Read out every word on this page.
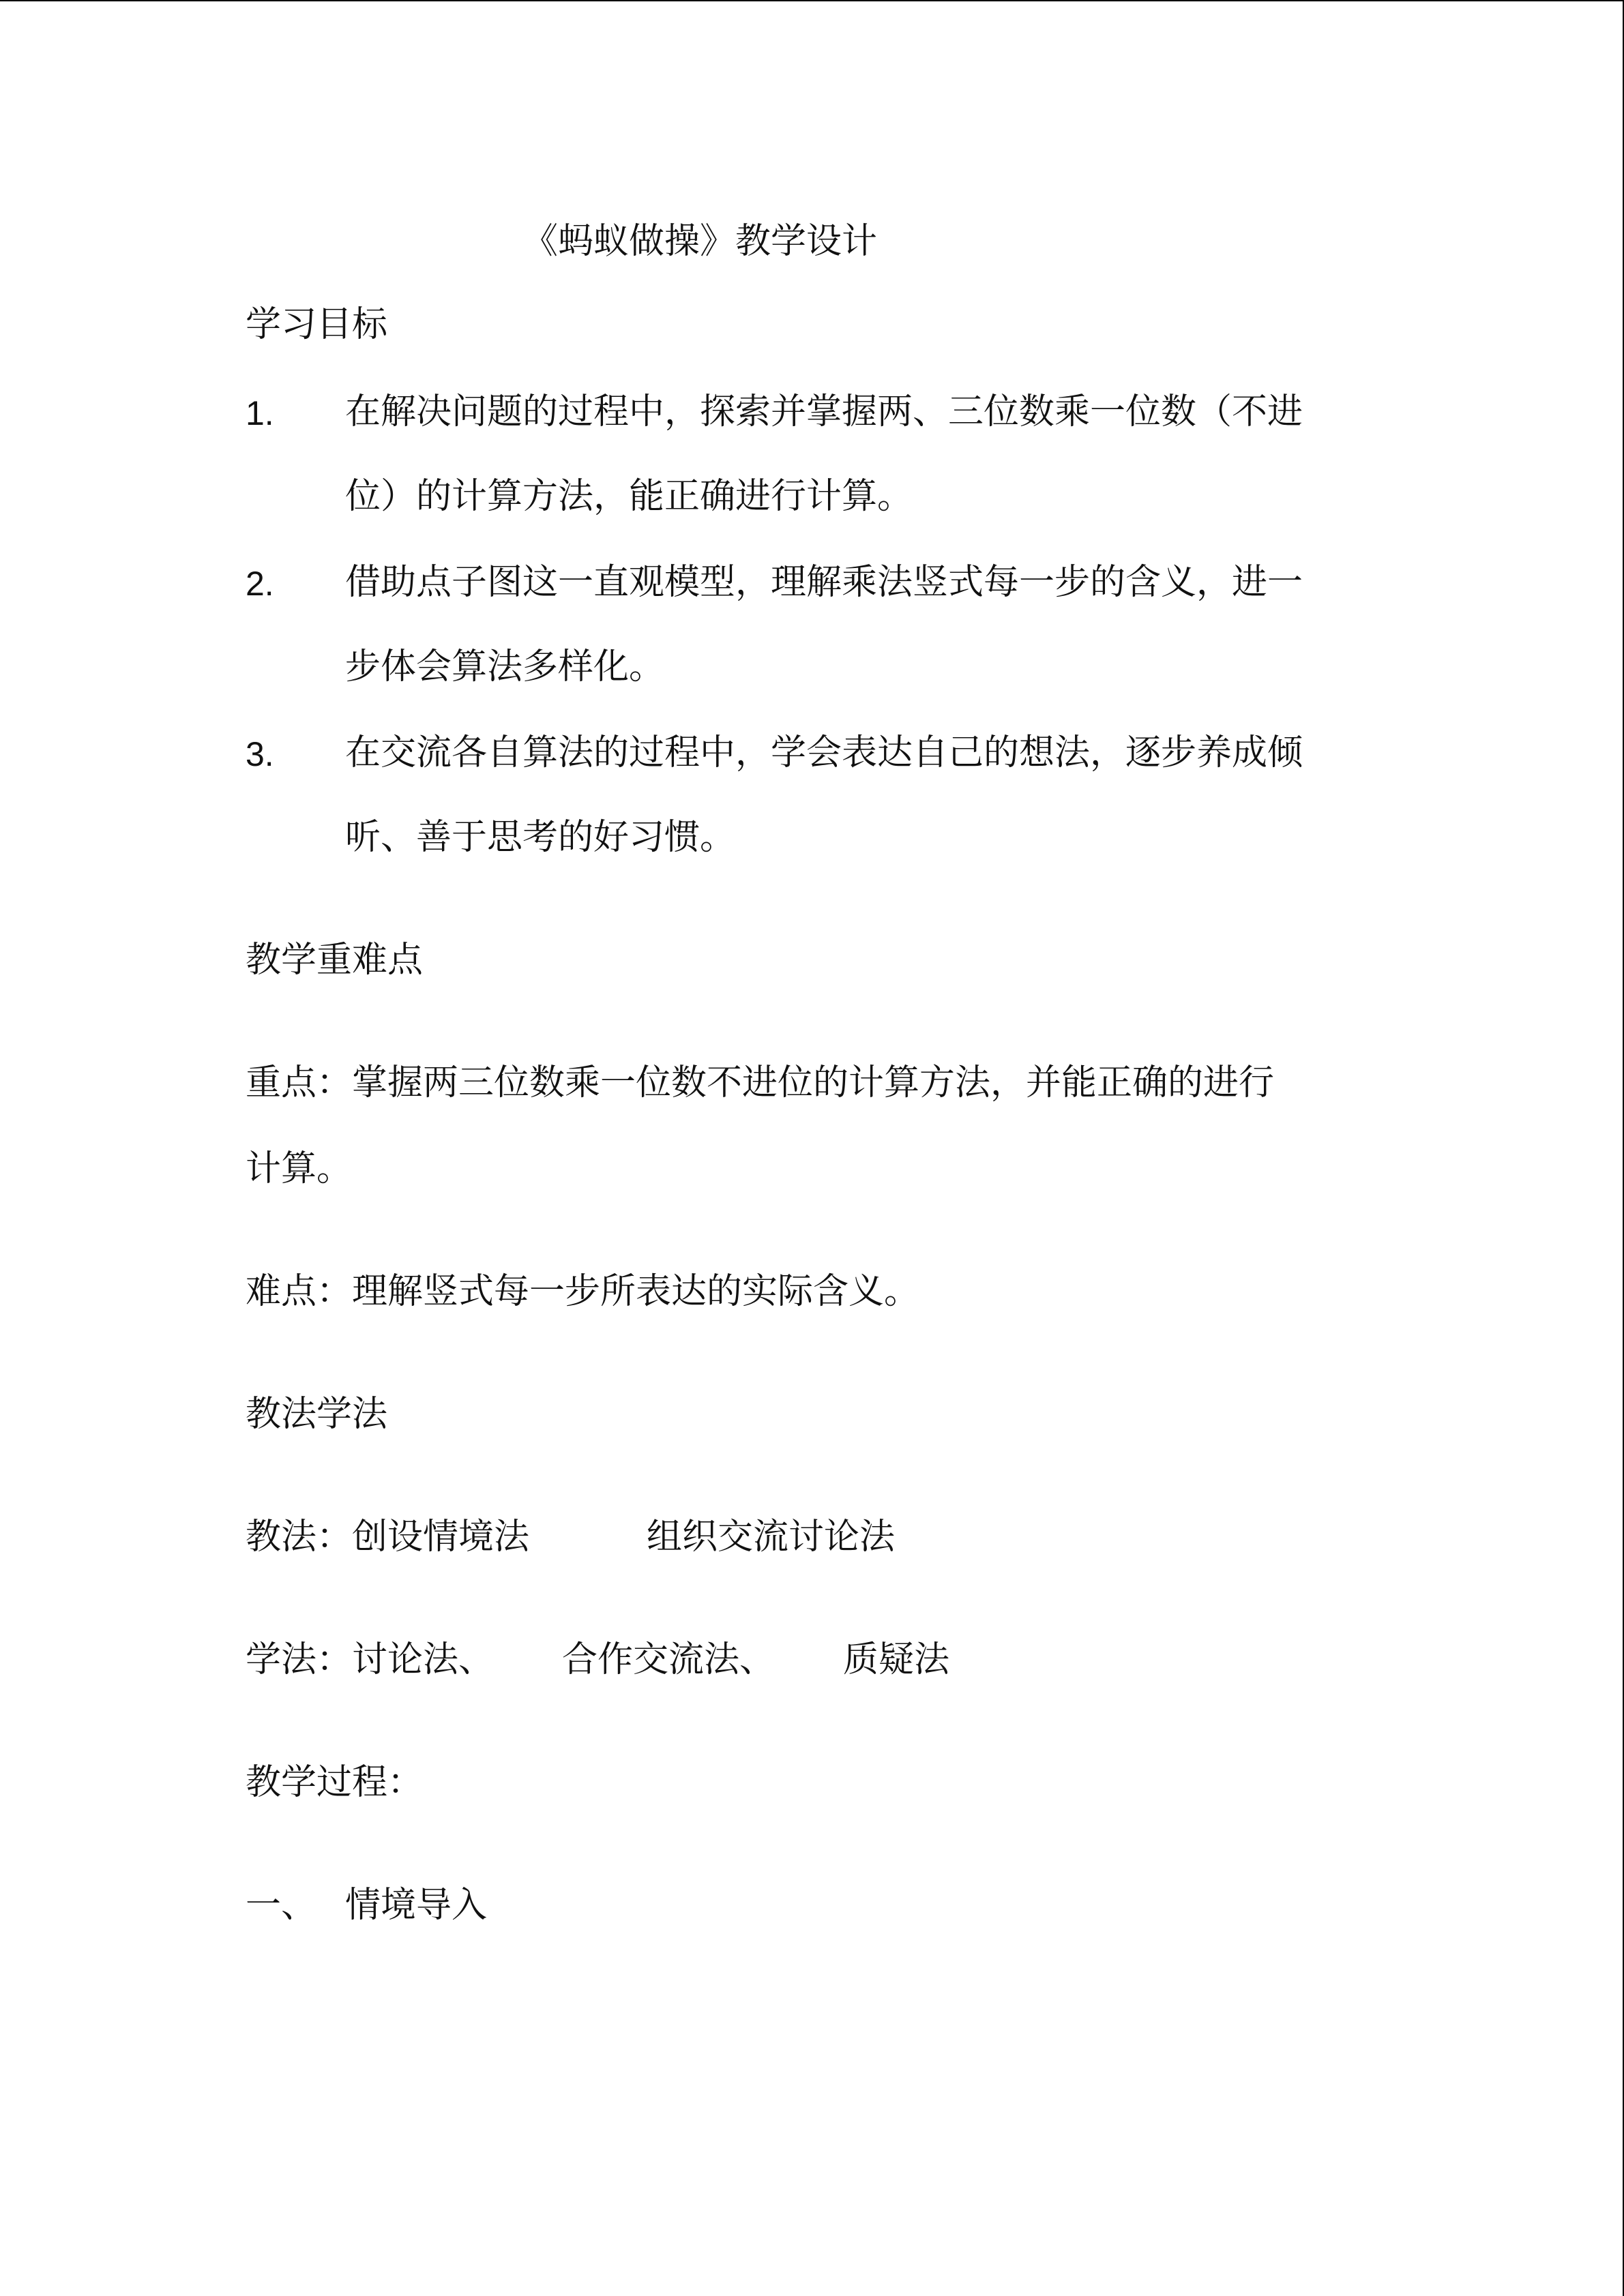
《蚂蚁做操》教学设计
学习目标
1. 在解决问题的过程中，探索并掌握两、三位数乘一位数（不进
位）的计算方法，能正确进行计算。
2. 借助点子图这一直观模型，理解乘法竖式每一步的含义，进一
步体会算法多样化。
3. 在交流各自算法的过程中，学会表达自己的想法，逐步养成倾
听、善于思考的好习惯。
教学重难点
重点：掌握两三位数乘一位数不进位的计算方法，并能正确的进行
计算。
难点：理解竖式每一步所表达的实际含义。
教法学法
教法：创设情境法	组织交流讨论法
学法：讨论法、 合作交流法、 质疑法
教学过程：
一、 情境导入
